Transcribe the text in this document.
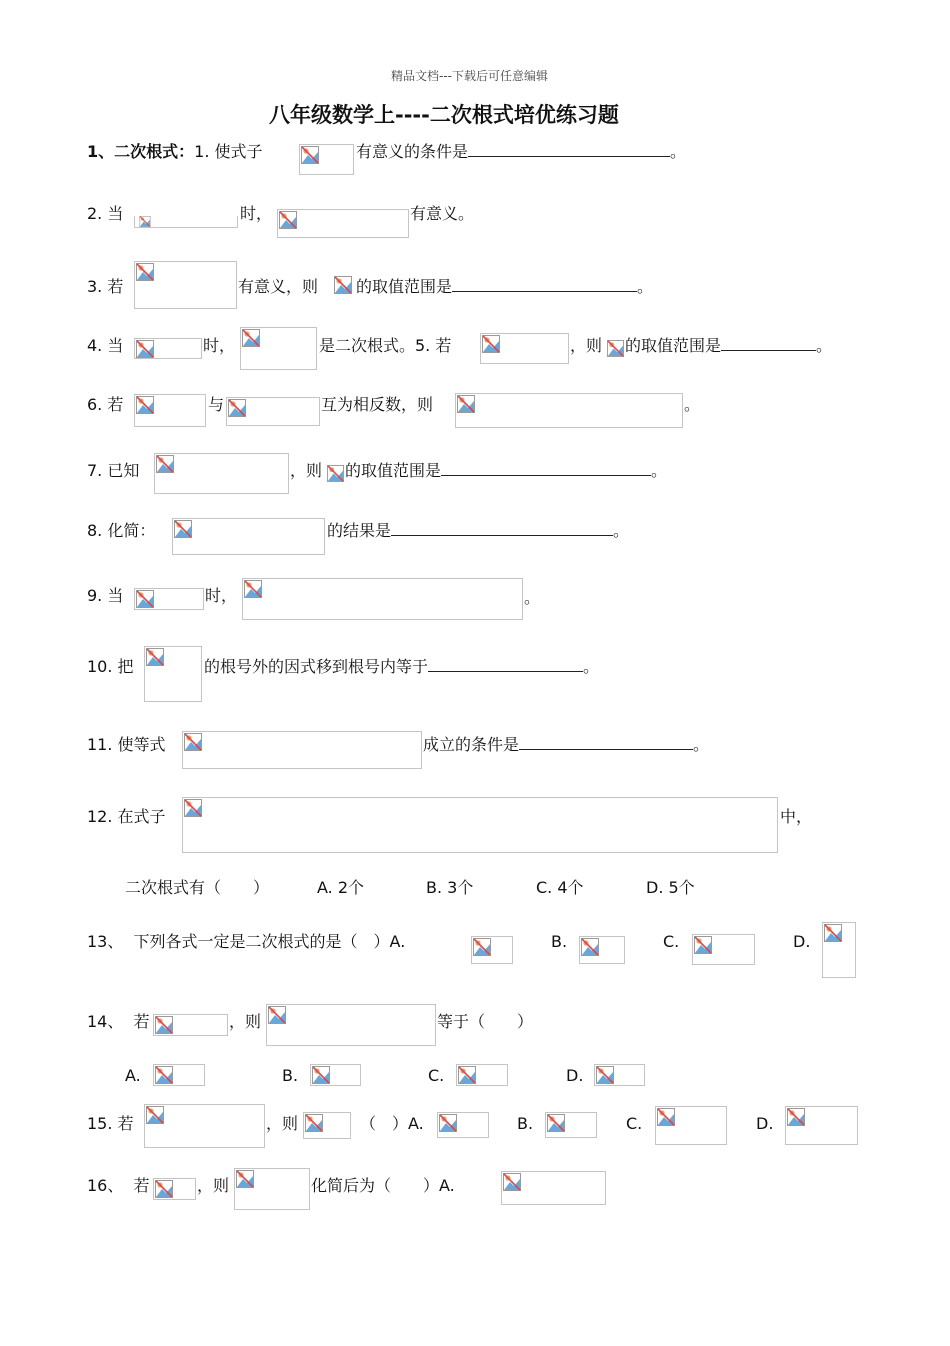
精品文档---下载后可任意编辑
八年级数学上----二次根式培优练习题
1、二次根式：1. 使式子	有意义的条件是	。
2. 当	时，	有意义。
3. 若	有意义，则 的取值范围是	。
4. 当	时，	是二次根式。5. 若	，则 的取值范围是	。
6. 若	与	互为相反数，则	。
7. 已知	，则 的取值范围是	。
8. 化简：	的结果是	。
9. 当	时，	。
10. 把	的根号外的因式移到根号内等于	。
11. 使等式	成立的条件是	。
12. 在式子	中，
二次根式有（　　）	A. 2个	B. 3个	C. 4个	D. 5个
13、 下列各式一定是二次根式的是（　）A.	B.	C.	D.
14、 若	，则	等于（　　）
A.	B.	C.	D.
15. 若	，则	（　）A.	B.	C.	D.
16、 若	，则	化简后为（　　）A.
